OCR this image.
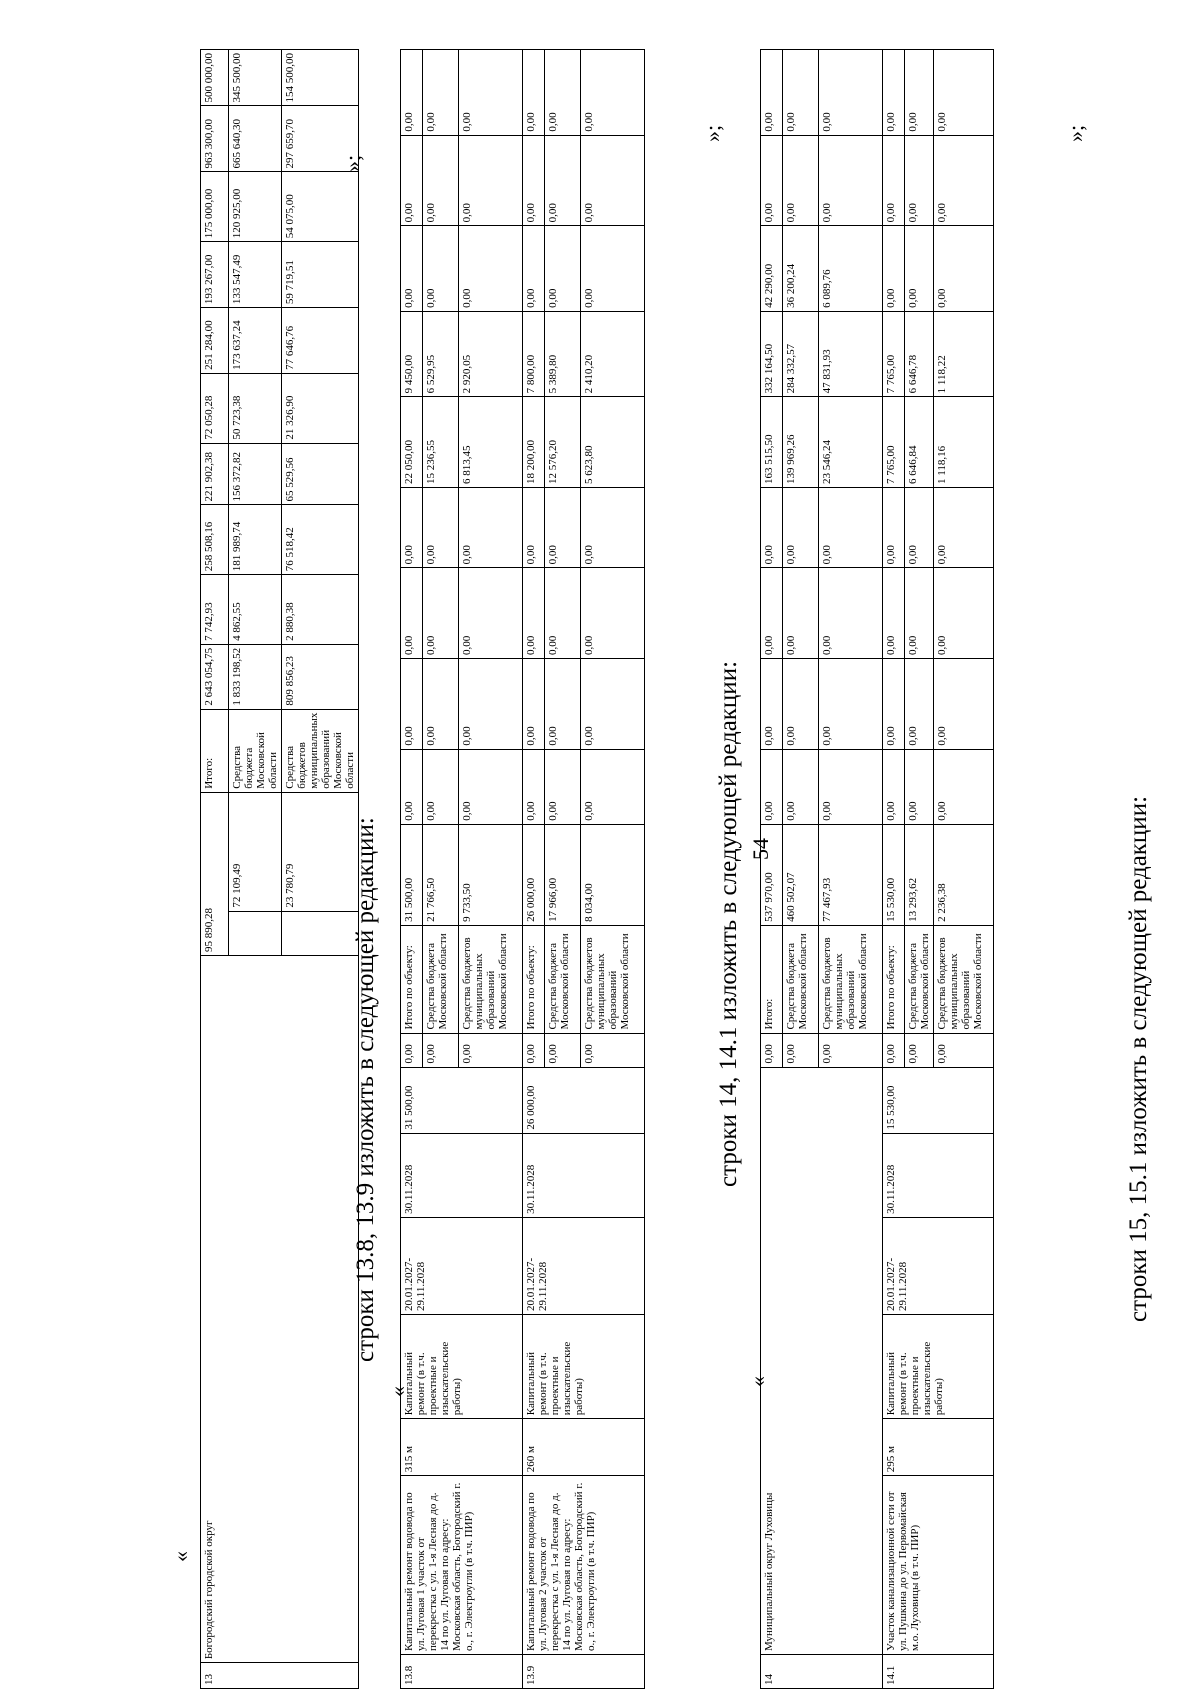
54
«
13	Богородский городской округ	95 890,28		Итого:	2 643 054,75	7 742,93	258 508,16	221 902,38	72 050,28	251 284,00	193 267,00	175 000,00	963 300,00	500 000,00
			72 109,49	Средства бюджета Московской области	1 833 198,52	4 862,55	181 989,74	156 372,82	50 723,38	173 637,24	133 547,49	120 925,00	665 640,30	345 500,00
			23 780,79	Средства бюджетов муниципальных образований Московской области	809 856,23	2 880,38	76 518,42	65 529,56	21 326,90	77 646,76	59 719,51	54 075,00	297 659,70	154 500,00
»;
строки 13.8, 13.9 изложить в следующей редакции:
«
13.8	Капитальный ремонт водовода по ул. Луговая 1 участок от перекрестка с ул. 1-я Лесная до д. 14 по ул. Луговая по адресу: Московская область, Богородский г. о., г. Электроугли (в т.ч. ПИР)	315 м	Капитальный ремонт (в т.ч. проектные и изыскательские работы)	20.01.2027-29.11.2028	30.11.2028	31 500,00	0,00	Итого по объекту:	31 500,00	0,00	0,00	0,00	0,00	22 050,00	9 450,00	0,00	0,00	0,00
							0,00	Средства бюджета Московской области	21 766,50	0,00	0,00	0,00	0,00	15 236,55	6 529,95	0,00	0,00	0,00
							0,00	Средства бюджетов муниципальных образований Московской области	9 733,50	0,00	0,00	0,00	0,00	6 813,45	2 920,05	0,00	0,00	0,00
13.9	Капитальный ремонт водовода по ул. Луговая 2 участок от перекрестка с ул. 1-я Лесная до д. 14 по ул. Луговая по адресу: Московская область, Богородский г. о., г. Электроугли (в т.ч. ПИР)	260 м	Капитальный ремонт (в т.ч. проектные и изыскательские работы)	20.01.2027-29.11.2028	30.11.2028	26 000,00	0,00	Итого по объекту:	26 000,00	0,00	0,00	0,00	0,00	18 200,00	7 800,00	0,00	0,00	0,00
							0,00	Средства бюджета Московской области	17 966,00	0,00	0,00	0,00	0,00	12 576,20	5 389,80	0,00	0,00	0,00
							0,00	Средства бюджетов муниципальных образований Московской области	8 034,00	0,00	0,00	0,00	0,00	5 623,80	2 410,20	0,00	0,00	0,00
»;
строки 14, 14.1 изложить в следующей редакции:
«
14	Муниципальный округ Луховицы						0,00	Итого:	537 970,00	0,00	0,00	0,00	0,00	163 515,50	332 164,50	42 290,00	0,00	0,00
							0,00	Средства бюджета Московской области	460 502,07	0,00	0,00	0,00	0,00	139 969,26	284 332,57	36 200,24	0,00	0,00
							0,00	Средства бюджетов муниципальных образований Московской области	77 467,93	0,00	0,00	0,00	0,00	23 546,24	47 831,93	6 089,76	0,00	0,00
14.1	Участок канализационной сети от ул. Пушкина до ул. Первомайская м.о. Луховицы (в т.ч. ПИР)	295 м	Капитальный ремонт (в т.ч. проектные и изыскательские работы)	20.01.2027-29.11.2028	30.11.2028	15 530,00	0,00	Итого по объекту:	15 530,00	0,00	0,00	0,00	0,00	7 765,00	7 765,00	0,00	0,00	0,00
							0,00	Средства бюджета Московской области	13 293,62	0,00	0,00	0,00	0,00	6 646,84	6 646,78	0,00	0,00	0,00
							0,00	Средства бюджетов муниципальных образований Московской области	2 236,38	0,00	0,00	0,00	0,00	1 118,16	1 118,22	0,00	0,00	0,00
»;
строки 15, 15.1 изложить в следующей редакции:
